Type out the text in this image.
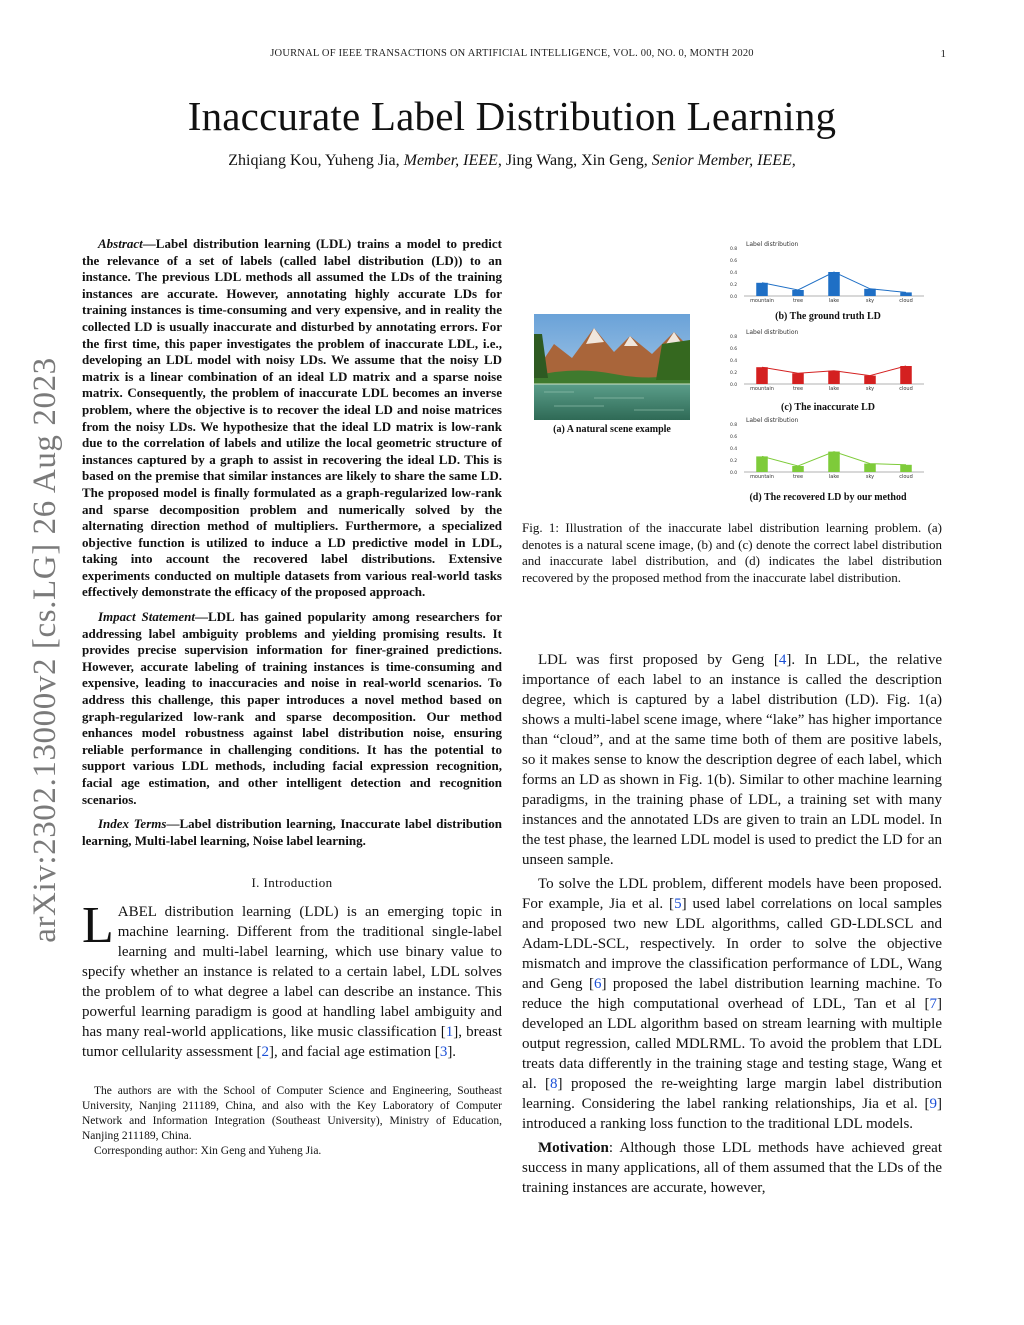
JOURNAL OF IEEE TRANSACTIONS ON ARTIFICIAL INTELLIGENCE, VOL. 00, NO. 0, MONTH 2020	1
Inaccurate Label Distribution Learning
Zhiqiang Kou, Yuheng Jia, Member, IEEE, Jing Wang, Xin Geng, Senior Member, IEEE,
arXiv:2302.13000v2 [cs.LG] 26 Aug 2023

Abstract—Label distribution learning (LDL) trains a model to predict the relevance of a set of labels (called label distribution (LD)) to an instance. The previous LDL methods all assumed the LDs of the training instances are accurate. However, annotating highly accurate LDs for training instances is time-consuming and very expensive, and in reality the collected LD is usually inaccurate and disturbed by annotating errors. For the first time, this paper investigates the problem of inaccurate LDL, i.e., developing an LDL model with noisy LDs. We assume that the noisy LD matrix is a linear combination of an ideal LD matrix and a sparse noise matrix. Consequently, the problem of inaccurate LDL becomes an inverse problem, where the objective is to recover the ideal LD and noise matrices from the noisy LDs. We hypothesize that the ideal LD matrix is low-rank due to the correlation of labels and utilize the local geometric structure of instances captured by a graph to assist in recovering the ideal LD. This is based on the premise that similar instances are likely to share the same LD. The proposed model is finally formulated as a graph-regularized low-rank and sparse decomposition problem and numerically solved by the alternating direction method of multipliers. Furthermore, a specialized objective function is utilized to induce a LD predictive model in LDL, taking into account the recovered label distributions. Extensive experiments conducted on multiple datasets from various real-world tasks effectively demonstrate the efficacy of the proposed approach.

Impact Statement—LDL has gained popularity among researchers for addressing label ambiguity problems and yielding promising results. It provides precise supervision information for finer-grained predictions. However, accurate labeling of training instances is time-consuming and expensive, leading to inaccuracies and noise in real-world scenarios. To address this challenge, this paper introduces a novel method based on graph-regularized low-rank and sparse decomposition. Our method enhances model robustness against label distribution noise, ensuring reliable performance in challenging conditions. It has the potential to support various LDL methods, including facial expression recognition, facial age estimation, and other intelligent detection and recognition scenarios.

Index Terms—Label distribution learning, Inaccurate label distribution learning, Multi-label learning, Noise label learning.

I. Introduction
LABEL distribution learning (LDL) is an emerging topic in machine learning. Different from the traditional single-label learning and multi-label learning, which use binary value to specify whether an instance is related to a certain label, LDL solves the problem of to what degree a label can describe an instance. This powerful learning paradigm is good at handling label ambiguity and has many real-world applications, like music classification [1], breast tumor cellularity assessment [2], and facial age estimation [3].

The authors are with the School of Computer Science and Engineering, Southeast University, Nanjing 211189, China, and also with the Key Laboratory of Computer Network and Information Integration (Southeast University), Ministry of Education, Nanjing 211189, China.

Corresponding author: Xin Geng and Yuheng Jia.

(a) A natural scene example
Label distribution
0.0
0.2
0.4
0.6
0.8
mountain	tree	lake	sky	cloud
(b) The ground truth LD
Label distribution
0.0
0.2
0.4
0.6
0.8
mountain	tree	lake	sky	cloud
(c) The inaccurate LD
Label distribution
0.0
0.2
0.4
0.6
0.8
mountain	tree	lake	sky	cloud
(d) The recovered LD by our method
Fig. 1: Illustration of the inaccurate label distribution learning problem. (a) denotes is a natural scene image, (b) and (c) denote the correct label distribution and inaccurate label distribution, and (d) indicates the label distribution recovered by the proposed method from the inaccurate label distribution.

LDL was first proposed by Geng [4]. In LDL, the relative importance of each label to an instance is called the description degree, which is captured by a label distribution (LD). Fig. 1(a) shows a multi-label scene image, where “lake” has higher importance than “cloud”, and at the same time both of them are positive labels, so it makes sense to know the description degree of each label, which forms an LD as shown in Fig. 1(b). Similar to other machine learning paradigms, in the training phase of LDL, a training set with many instances and the annotated LDs are given to train an LDL model. In the test phase, the learned LDL model is used to predict the LD for an unseen sample.

To solve the LDL problem, different models have been proposed. For example, Jia et al. [5] used label correlations on local samples and proposed two new LDL algorithms, called GD-LDLSCL and Adam-LDL-SCL, respectively. In order to solve the objective mismatch and improve the classification performance of LDL, Wang and Geng [6] proposed the label distribution learning machine. To reduce the high computational overhead of LDL, Tan et al [7] developed an LDL algorithm based on stream learning with multiple output regression, called MDLRML. To avoid the problem that LDL treats data differently in the training stage and testing stage, Wang et al. [8] proposed the re-weighting large margin label distribution learning. Considering the label ranking relationships, Jia et al. [9] introduced a ranking loss function to the traditional LDL models.

Motivation: Although those LDL methods have achieved great success in many applications, all of them assumed that the LDs of the training instances are accurate, however,
